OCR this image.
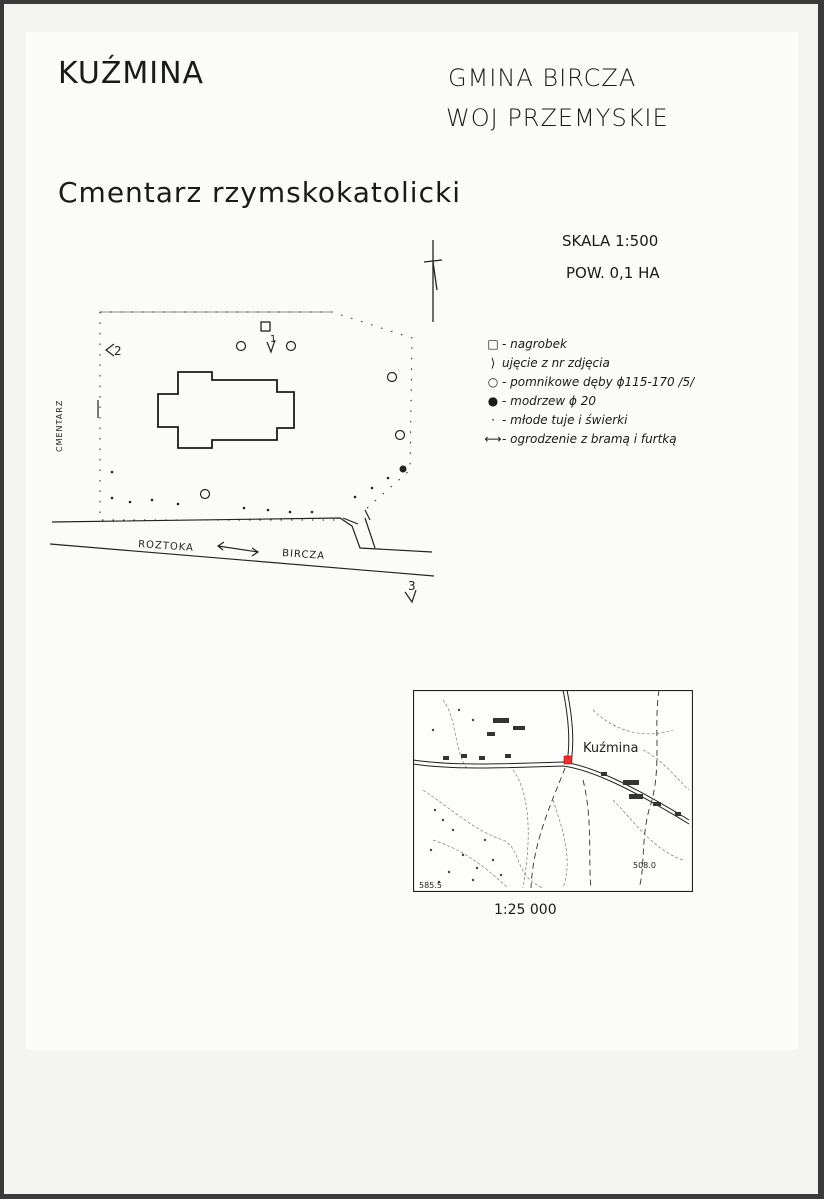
KUŹMINA	GMINA BIRCZA
WOJ PRZEMYSKIE
Cmentarz rzymskokatolicki
SKALA 1:500
POW. 0,1 HA
2
1
3
CMENTARZ
ROZTOKA
BIRCZA
□ - nagrobek
⟩ ujęcie z nr zdjęcia
○ - pomnikowe dęby ϕ115-170 /5/
● - modrzew ϕ 20
· - młode tuje i świerki
⟷ - ogrodzenie z bramą i furtką
Kuźmina
508.0
585.5
1:25 000
